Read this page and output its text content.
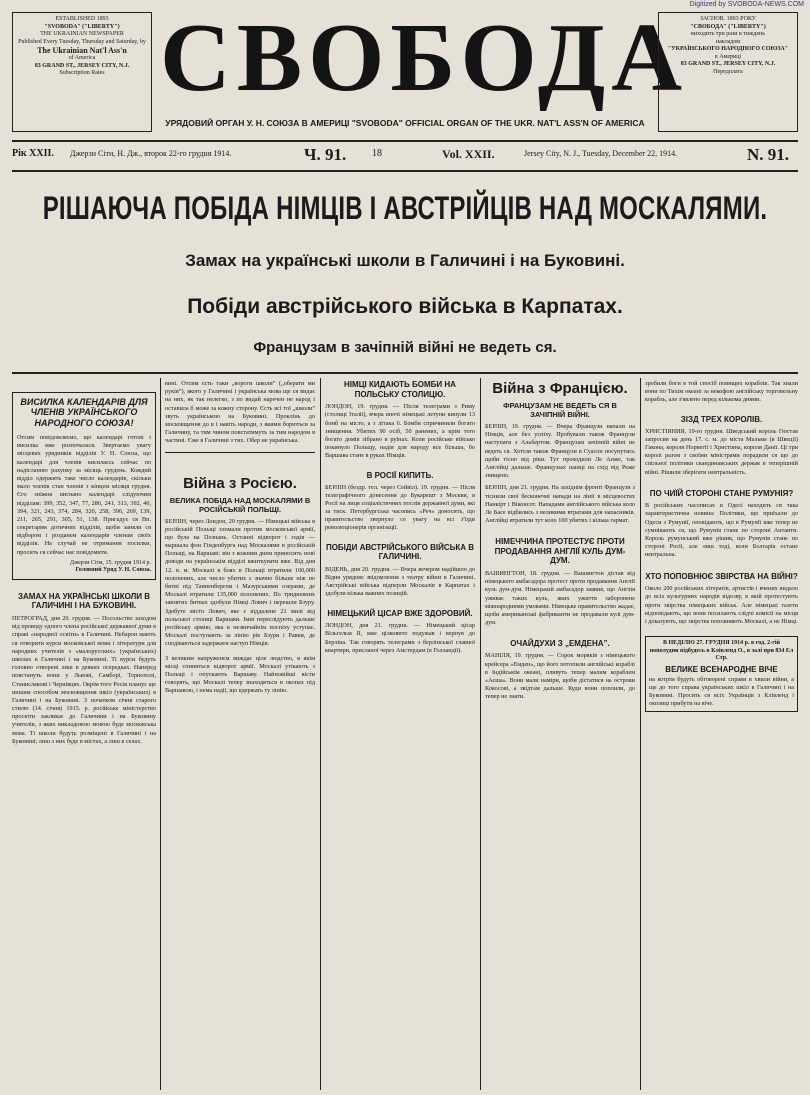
Digitized by SVOBODA-NEWS.COM
ESTABLISHED 1893
"SVOBODA" ("LIBERTY")
THE UKRAINIAN NEWSPAPER
Published Every Tuesday, Thursday and Saturday, by
The Ukrainian Nat'l Ass'n
of America
83 GRAND ST., JERSEY CITY, N.J.
Subscription Rates СВОБОДА	ЗАСНОВ. 1893 РОКУ
"СВОБОДА" ("LIBERTY")
виходить три рази в тиждень
накладом
"УКРАЇНСЬКОГО НАРОДНОГО СОЮЗА"
в Америці
83 GRAND ST., JERSEY CITY, N.J.
Передплата
УРЯДОВИЙ ОРГАН У. Н. СОЮЗА В АМЕРИЦІ "SVOBODA" OFFICIAL ORGAN OF THE UKR. NAT'L ASS'N OF AMERICA
Рік XXII. Джерзи Сіти, Н. Дж., второк 22-го грудня 1914.	Ч. 91.	18	Vol. XXII.	Jersey City, N. J., Tuesday, December 22, 1914.	N. 91.
РІШАЮЧА ПОБІДА НІМЦІВ І АВСТРІЙЦІВ НАД МОСКАЛЯМИ.
Замах на українські школи в Галичині і на Буковині.
Побіди австрійського війська в Карпатах.
Французам в зачіпній війні не ведеть ся.
ВИСИЛКА КАЛЕНДАРІВ ДЛЯ ЧЛЕНІВ УКРАЇНСЬКОГО НАРОДНОГО СОЮЗА!
Отсим повідомляємо, що календарі готові і висилка вже розпочалася. Звертаємо увагу місцевих урядників відділів У. Н. Союза, що календарі для членів висилаєсь сейчас по надісланню рахунку за місяць грудень. Кождий відділ одержить таке число календарів, скільки мало членів стан членів з кінцем місяця грудня. Єго зніжня виснано календарі слідуючим відділам: 399, 352, 347, 77, 286, 241, 313, 392, 40, 394, 321, 243, 374, 284, 320, 258, 396, 269, 139, 211, 265, 291, 305, 51, 138. Пригадує ся Вп. секретарям дотичних відділів, щоби заняли ся відбором і розданєм календарів членам своїх відділів. На случай не отримання посилки, просить ся сейчас нас повідомити.
Джерзи Сіти, 15. грудня 1914 р.
Головний Уряд У. Н. Союза.
ЗАМАХ НА УКРАЇНСЬКІ ШКОЛИ В ГАЛИЧИНІ І НА БУКОВИНІ.
ПЕТРОГРАД, дня 20. грудня. — Посольство заходом від проводу одного члена російської державної думи в справі «народної освіти» в Галичині. Небарон мають ся отворити курси московської мови і літератури для народних учителів з «малорусских» (українських) школах в Галичині і на Буковині. Ті курси будуть головно отворені лиш в деяких осередках. Наперед повстануть вони у Львові, Самборі, Тернополі, Станиславові і Чернівцях. Окрім того Росія планує ще иншим способом московщення шкіл (українських) в Галичині і на Буковині. З початком січня старого стилю (14. січня) 1915. р. російське міністерство просвіти закликає до Галичини і на Буковину учителів, з яких викладовою мовою буде московська мова. Ті школи будуть розміщені в Галичині і на Буковині; лиш з них буде в містах, а лиш в селах.
вині. Отсим єсть таки „вороги школи” („оберати ми руків”), якого у Галичині і українська мова ще ся видає на них, як так нелегко, з по видай наречен не народ і оставила б може за кожну сторону. Єсть всі тої „школи” звуть українською на Буковині. Проклінь до московщення до в і навіть народи, з якими борються за Галичину, та тим чином повстатимуть за тим народом в частині. Єже в Галичині з тих. Обер не українська.
Війна з Росією.
ВЕЛИКА ПОБІДА НАД МОСКАЛЯМИ В РОСІЙСЬКІЙ ПОЛЬЩІ.
БЕРЛІН, через Лондон, 20 грудня. — Німецькі війська в російській Польщі зломали против московської армії, що була на Познань. Останні відворот і зодів — маршала фон Гінденбурга над Москалями в російській Польщі, на Варшаві: він з кожним днем приносить нові доводи на українськім відділі вжиткувати вже. Від дня 12. в. м. Москалі в боях в Польщі втратили 100,000 полонених, але число убитих є значно більше ніж по битві під Танненбергом і Мазурськими озерами, де Москалі втратили 135,000 полонених. По тридневних завзятих битвах здобули Німці Лович і перешли Бзуру. Здобуте місто Лович, яке є віддалене 21 милі від польської столиці Варшави. Імиі переслідують дальше російську армію, яка в незвичайнім поспіху уступає. Москалі поступають за лінію рік Бзури і Равки, де сподіваються задержати наступ Німців.
З великим напруженєм виждає ціле людство, в якім місці спиниться відворот армії. Москалі утікають з Польщі і опускають Варшаву. Найновійші вісти говорять, що Москалі тепер знаходяться в окопах під Варшавою, і нема надії, що вдержать ту лінію.
НІМЦІ КИДАЮТЬ БОМБИ НА ПОЛЬСЬКУ СТОЛИЦЮ.
ЛОНДОН, 19. грудня. — Після телеграми з Риму (столиці Італії), вчера вночі німецькі летуни кинули 13 бомб на місто, а з літака 6. Бомби спричинили богато знищення. Убитих 90 осіб, 50 ранених, а крім того богато домів зібрано в руїнах. Коли російське військо покинуло Польщу, надія для народу все більша, бо Варшава стане в руках Німців.
В РОСІЇ КИПИТЬ.
БЕРЛІН (бездр. тел. через Сейвіл). 19. грудня. — Після телеграфічного донесення до Букарешт з Москви, в Росії на лиця соціалістичних послів державної думи, які за тиск. Петербургська часопись «Реч» доносить, що правительство звернуло се увагу на всі з'їзди революціонерів організації.
ПОБІДИ АВСТРІЙСЬКОГО ВІЙСЬКА В ГАЛИЧИНІ.
ВІДЕНЬ, дня 20. грудня. — Вчера вечером надійшло до Відня урядове звідомлення з театру війни в Галичині. Австрійські війська відперли Москалів в Карпатах і здобули кілька важних позицій.
НІМЕЦЬКИЙ ЦІСАР ВЖЕ ЗДОРОВИЙ.
ЛОНДОН, дня 21. грудня. — Німецький цісар Вільгельм II, вже цілковито подужав і вернув до Берліна. Так говорять телеграми з берлінської главної квартири, присланої через Амстердам (в Голландії).
Війна з Францією.
ФРАНЦУЗАМ НЕ ВЕДЕТЬ СЯ В ЗАЧІПНІЙ ВІЙНІ.
БЕРЛІН, 19. грудня. — Вчера Французи напали на Німців, але без успіху. Пробували також Французи наступати з Альбертом. Французам зачіпній війні не ведеть ся. Хотіли також Французи в Суасон посунутись щоби тісно від ріки. Тут проходили Ле Анже, так Англійці дальше. Французькі шанці на схід від Реже знищено.
БЕРЛІН, дня 21. грудня. На західнім фронті Французи з тіснили свої бесконечні напади на лінії в місцевостях Нанкірт і Віконсот. Нападами англійського війська коло Ле Басе відбились з великими втратами для напасників. Англійці втратили тут коло 100 убитих і кілька гармат.
НІМЕЧЧИНА ПРОТЕСТУЄ ПРОТИ ПРОДАВАННЯ АНГЛІЇ КУЛЬ ДУМ-ДУМ.
ВАШИНГТОН, 18. грудня. — Вашингтон дістав від німецького амбасадора протест проти продавання Англії куль дум-дум. Німецький амбасадор заявив, що Англія уживає таких куль, яких ужиття заборонене міжнародними умовами. Німецьке правительство жадає, щоби американські фабриканти не продавали кулі дум-дум.
ОЧАЙДУХИ З „ЕМДЕНА”.
МАНІЛЯ, 19. грудня. — Сорок моряків з німецького крейсера «Емден», що його потопили англійські кораблі в Індійськім океані, пливуть тепер малим кораблем «Аєша». Вони мали наміри, щоби дістатися на острови Кокосові, а звідтам дальше. Куди вони поплили, до тепер не знати.
зробили боги в той спосіб повищих кораблів. Так хвали вони по Тихім океані за некофою англійську торговельну корабль, але з'явлено перед кількома днями.
ЗІЗД ТРЕХ КОРОЛІВ.
ХРИСТІЯНИЯ, 19-го грудня. Шведський король Гюстав запросив на день 17. с. м. до міста Мальме (в Швеції) Гакона, короля Норвегії і Христіяна, короля Данії. Ці три королі разом з своїми міністрами порадили ся що до спільної політики скандинавських держав в теперішній війні. Рішили зберігати невтральність.
ПО ЧИЇЙ СТОРОНІ СТАНЕ РУМУНІЯ?
В російських часописах в Одесі находить ся така характеристична новина: Політики, що приїхали до Одеси з Румунії, оповідають, що в Румунії вже тепер не сумнівають ся, що Румунія стане по стороні Антанти. Король румунський вже рішив, що Румунія стане по стороні Росії, але лиш тоді, коли Болгарія остане невтральна.
ХТО ПОПОВНЮЄ ЗВІРСТВА НА ВІЙНІ?
Около 200 російських літератів, артистів і вчених видало до всіх культурних народів відозву, в якій протестують проти звірства німецьких військ. Але німецькі газети відповідають, що вони посилають слідчі комісії на місця і доказують, що звірства поповняють Москалі, а не Німці.
В НЕДІЛЮ 27. ГРУДНЯ 1914 р. в год. 2-гій пополудни відбудесь в Клівленд О., в залі при 834 Ел Стр.
ВЕЛИКЕ ВСЕНАРОДНЕ ВІЧЕ
на котрім будуть обговорені справи в хвили війни, а ще до того справа українських шкіл в Галичині і на Буковині. Просить ся всіх Українців з Клівленд і околиці прибути на віче.
